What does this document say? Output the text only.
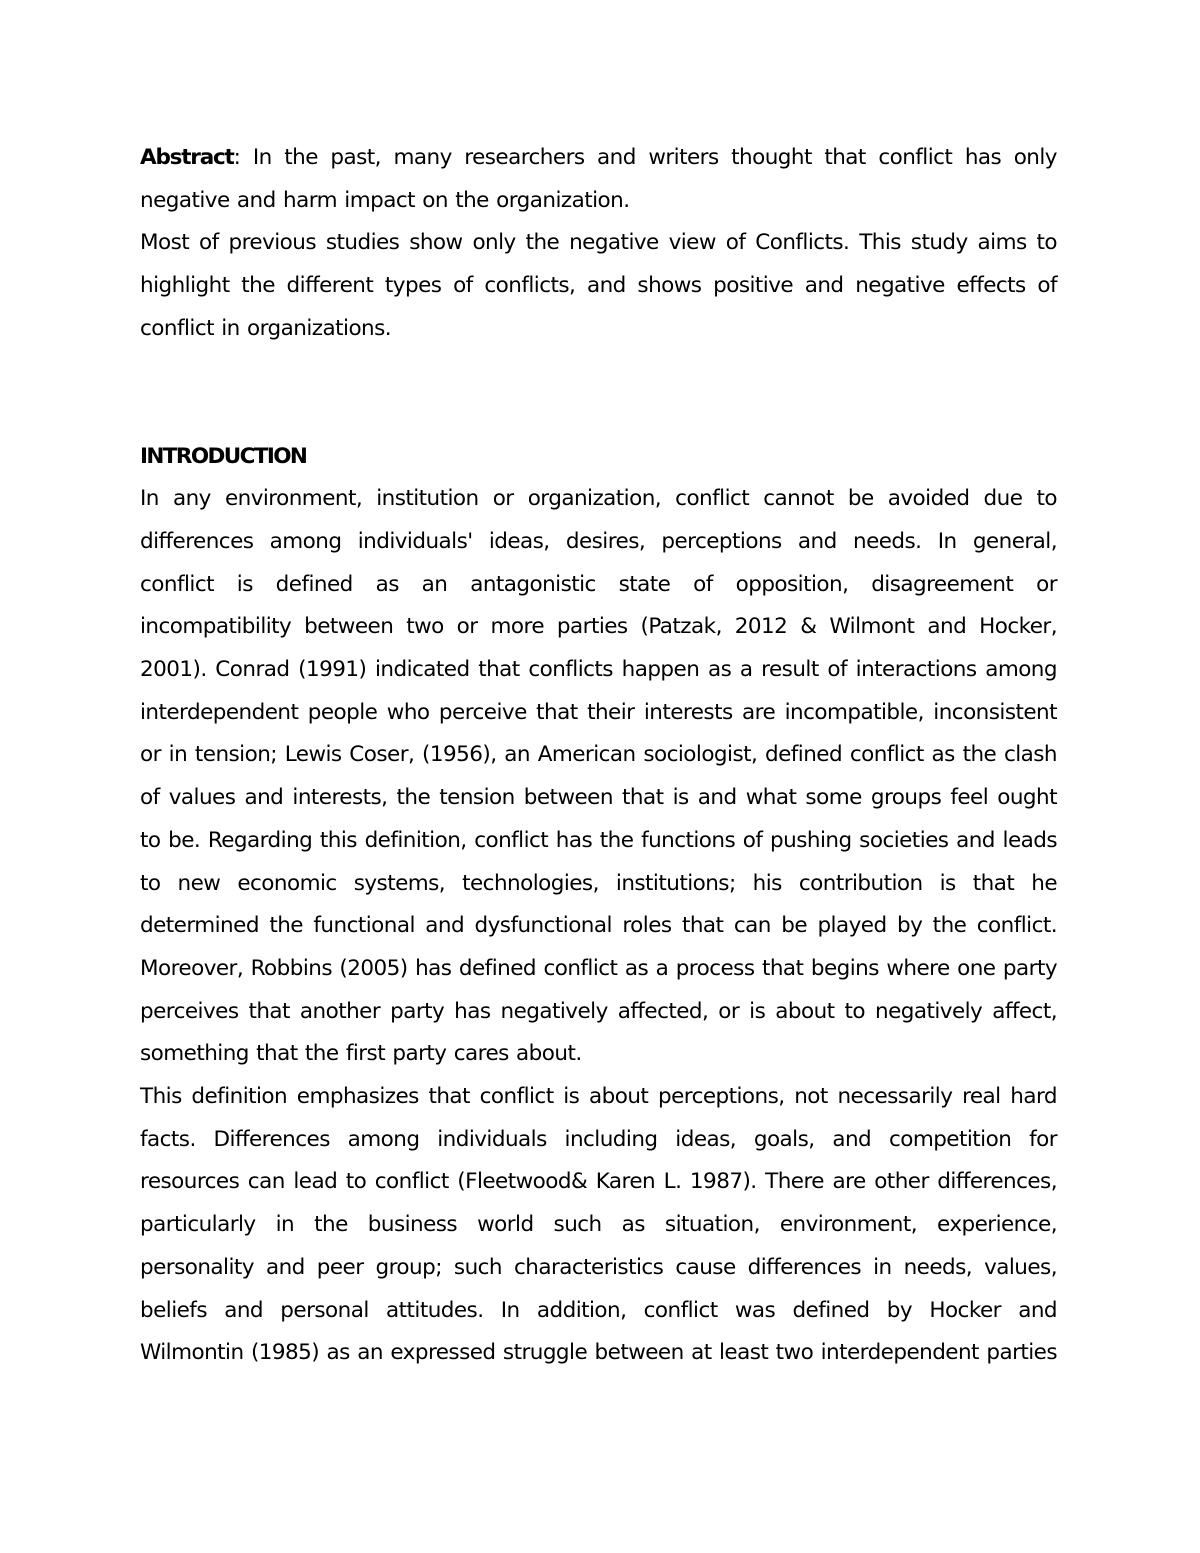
Abstract: In the past, many researchers and writers thought that conflict has only negative and harm impact on the organization.

Most of previous studies show only the negative view of Conflicts. This study aims to highlight the different types of conflicts, and shows positive and negative effects of conflict in organizations.

INTRODUCTION

In any environment, institution or organization, conflict cannot be avoided due to differences among individuals' ideas, desires, perceptions and needs. In general, conflict is defined as an antagonistic state of opposition, disagreement or incompatibility between two or more parties (Patzak, 2012 & Wilmont and Hocker, 2001). Conrad (1991) indicated that conflicts happen as a result of interactions among interdependent people who perceive that their interests are incompatible, inconsistent or in tension; Lewis Coser, (1956), an American sociologist, defined conflict as the clash of values and interests, the tension between that is and what some groups feel ought to be. Regarding this definition, conflict has the functions of pushing societies and leads to new economic systems, technologies, institutions; his contribution is that he determined the functional and dysfunctional roles that can be played by the conflict. Moreover, Robbins (2005) has defined conflict as a process that begins where one party perceives that another party has negatively affected, or is about to negatively affect, something that the first party cares about.

This definition emphasizes that conflict is about perceptions, not necessarily real hard facts. Differences among individuals including ideas, goals, and competition for resources can lead to conflict (Fleetwood& Karen L. 1987). There are other differences, particularly in the business world such as situation, environment, experience, personality and peer group; such characteristics cause differences in needs, values, beliefs and personal attitudes. In addition, conflict was defined by Hocker and Wilmontin (1985) as an expressed struggle between at least two interdependent parties
